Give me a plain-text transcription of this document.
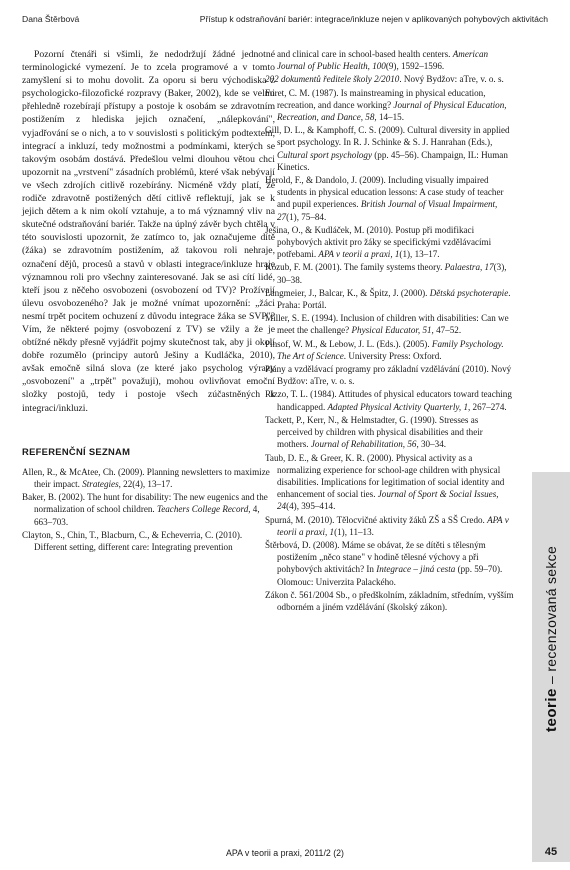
Dana Štěrbová	Přístup k odstraňování bariér: integrace/inkluze nejen v aplikovaných pohybových aktivitách

Pozorní čtenáři si všimli, že nedodržují žádné jednotné terminologické vymezení. Je to zcela programové a v tomto zamyšlení si to mohu dovolit. Za oporu si beru východiska z psychologicko-filozofické rozpravy (Baker, 2002), kde se velmi přehledně rozebírají přístupy a postoje k osobám se zdravotním postižením z hlediska jejich označení, „nálepkování", vyjadřování se o nich, a to v souvislosti s politickým podtextem, integrací a inkluzí, tedy možnostmi a podmínkami, kterých se takovým osobám dostává. Předešlou velmi dlouhou větou chci upozornit na „vrstvení" zásadních problémů, které však nebývají ve všech zdrojích citlivě rozebírány. Nicméně vždy platí, že rodiče zdravotně postižených dětí citlivě reflektují, jak se k jejich dětem a k nim okolí vztahuje, a to má významný vliv na skutečné odstraňování bariér. Takže na úplný závěr bych chtěla v této souvislosti upozornit, že zatímco to, jak označujeme dítě (žáka) se zdravotním postižením, až takovou roli nehraje, označení dějů, procesů a stavů v oblasti integrace/inkluze hraje významnou roli pro všechny zainteresované. Jak se asi cítí lidé, kteří jsou z něčeho osvobozeni (osvobození od TV)? Prožívají úlevu osvobozeného? Jak je možné vnímat upozornění: „žáci nesmí trpět pocitem ochuzení z důvodu integrace žáka se SVP"? Vím, že některé pojmy (osvobození z TV) se vžily a že je obtížné někdy přesně vyjádřit pojmy skutečnost tak, aby ji okolí dobře rozumělo (principy autorů Ješiny a Kudláčka, 2010), avšak emočně silná slova (ze které jako psycholog výrazy „osvobození" a „trpět" považuji), mohou ovlivňovat emoční složky postojů, tedy i postoje všech zúčastněných k integraci/inkluzi.

REFERENČNÍ SEZNAM

Allen, R., & McAtee, Ch. (2009). Planning newsletters to maximize their impact. Strategies, 22(4), 13–17.

Baker, B. (2002). The hunt for disability: The new eugenics and the normalization of school children. Teachers College Record, 4, 663–703.

Clayton, S., Chin, T., Blacburn, C., & Echeverria, C. (2010). Different setting, different care: Integrating prevention

and clinical care in school-based health centers. American Journal of Public Health, 100(9), 1592–1596.

202 dokumentů ředitele školy 2/2010. Nový Bydžov: aTre, v. o. s.

Foret, C. M. (1987). Is mainstreaming in physical education, recreation, and dance working? Journal of Physical Education, Recreation, and Dance, 58, 14–15.

Gill, D. L., & Kamphoff, C. S. (2009). Cultural diversity in applied sport psychology. In R. J. Schinke & S. J. Hanrahan (Eds.), Cultural sport psychology (pp. 45–56). Champaign, IL: Human Kinetics.

Herold, F., & Dandolo, J. (2009). Including visually impaired students in physical education lessons: A case study of teacher and pupil experiences. British Journal of Visual Impairment, 27(1), 75–84.

Ješina, O., & Kudláček, M. (2010). Postup při modifikaci pohybových aktivit pro žáky se specifickými vzdělávacími potřebami. APA v teorii a praxi, 1(1), 13–17.

Kozub, F. M. (2001). The family systems theory. Palaestra, 17(3), 30–38.

Langmeier, J., Balcar, K., & Špitz, J. (2000). Dětská psychoterapie. Praha: Portál.

Miller, S. E. (1994). Inclusion of children with disabilities: Can we meet the challenge? Physical Educator, 51, 47–52.

Pinsof, W. M., & Lebow, J. L. (Eds.). (2005). Family Psychology. The Art of Science. University Press: Oxford.

Plány a vzdělávací programy pro základní vzdělávání (2010). Nový Bydžov: aTre, v. o. s.

Rizzo, T. L. (1984). Attitudes of physical educators toward teaching handicapped. Adapted Physical Activity Quarterly, 1, 267–274.

Tackett, P., Kerr, N., & Helmstadter, G. (1990). Stresses as perceived by children with physical disabilities and their mothers. Journal of Rehabilitation, 56, 30–34.

Taub, D. E., & Greer, K. R. (2000). Physical activity as a normalizing experience for school-age children with physical disabilities. Implications for legitimation of social identity and enhancement of social ties. Journal of Sport & Social Issues, 24(4), 395–414.

Spurná, M. (2010). Tělocvičné aktivity žáků ZŠ a SŠ Credo. APA v teorii a praxi, 1(1), 11–13.

Štěrbová, D. (2008). Máme se obávat, že se dítěti s tělesným postižením „něco stane" v hodině tělesné výchovy a při pohybových aktivitách? In Integrace – jiná cesta (pp. 59–70). Olomouc: Univerzita Palackého.

Zákon č. 561/2004 Sb., o předškolním, základním, středním, vyšším odborném a jiném vzdělávání (školský zákon).

teorie – recenzovaná sekce
APA v teorii a praxi, 2011/2 (2)	45
